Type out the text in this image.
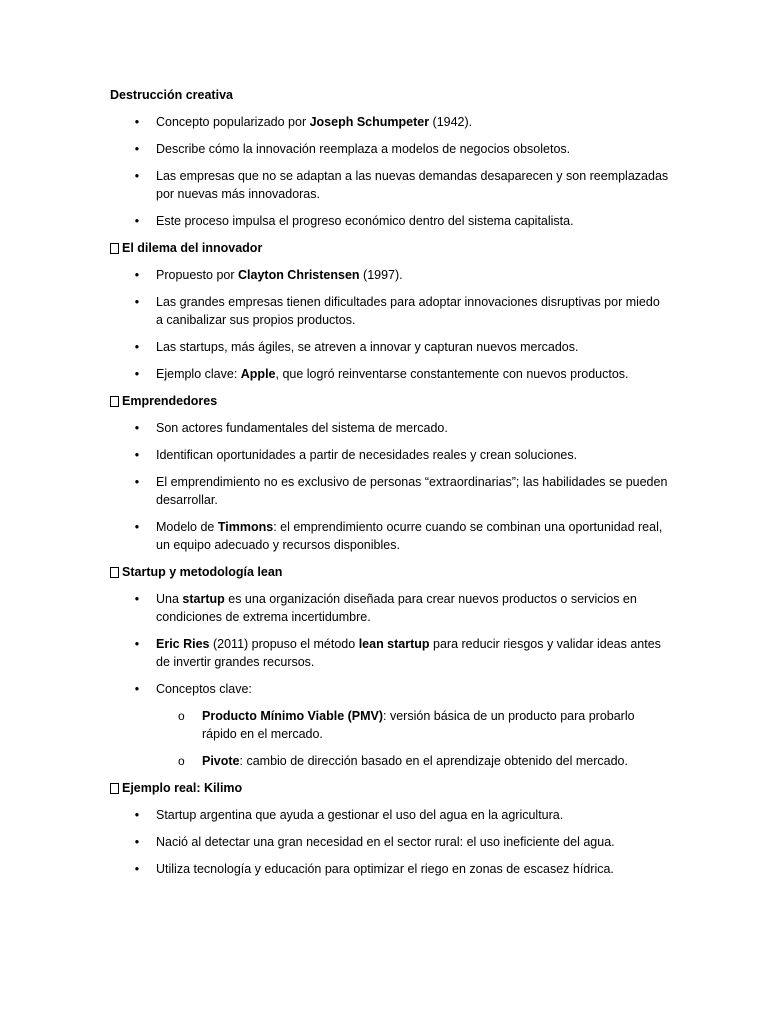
Destrucción creativa
• Concepto popularizado por Joseph Schumpeter (1942).
• Describe cómo la innovación reemplaza a modelos de negocios obsoletos.
• Las empresas que no se adaptan a las nuevas demandas desaparecen y son reemplazadas por nuevas más innovadoras.
• Este proceso impulsa el progreso económico dentro del sistema capitalista.
El dilema del innovador
• Propuesto por Clayton Christensen (1997).
• Las grandes empresas tienen dificultades para adoptar innovaciones disruptivas por miedo a canibalizar sus propios productos.
• Las startups, más ágiles, se atreven a innovar y capturan nuevos mercados.
• Ejemplo clave: Apple, que logró reinventarse constantemente con nuevos productos.
Emprendedores
• Son actores fundamentales del sistema de mercado.
• Identifican oportunidades a partir de necesidades reales y crean soluciones.
• El emprendimiento no es exclusivo de personas “extraordinarias”; las habilidades se pueden desarrollar.
• Modelo de Timmons: el emprendimiento ocurre cuando se combinan una oportunidad real, un equipo adecuado y recursos disponibles.
Startup y metodología lean
• Una startup es una organización diseñada para crear nuevos productos o servicios en condiciones de extrema incertidumbre.
• Eric Ries (2011) propuso el método lean startup para reducir riesgos y validar ideas antes de invertir grandes recursos.
• Conceptos clave:
o Producto Mínimo Viable (PMV): versión básica de un producto para probarlo rápido en el mercado.
o Pivote: cambio de dirección basado en el aprendizaje obtenido del mercado.
Ejemplo real: Kilimo
• Startup argentina que ayuda a gestionar el uso del agua en la agricultura.
• Nació al detectar una gran necesidad en el sector rural: el uso ineficiente del agua.
• Utiliza tecnología y educación para optimizar el riego en zonas de escasez hídrica.
